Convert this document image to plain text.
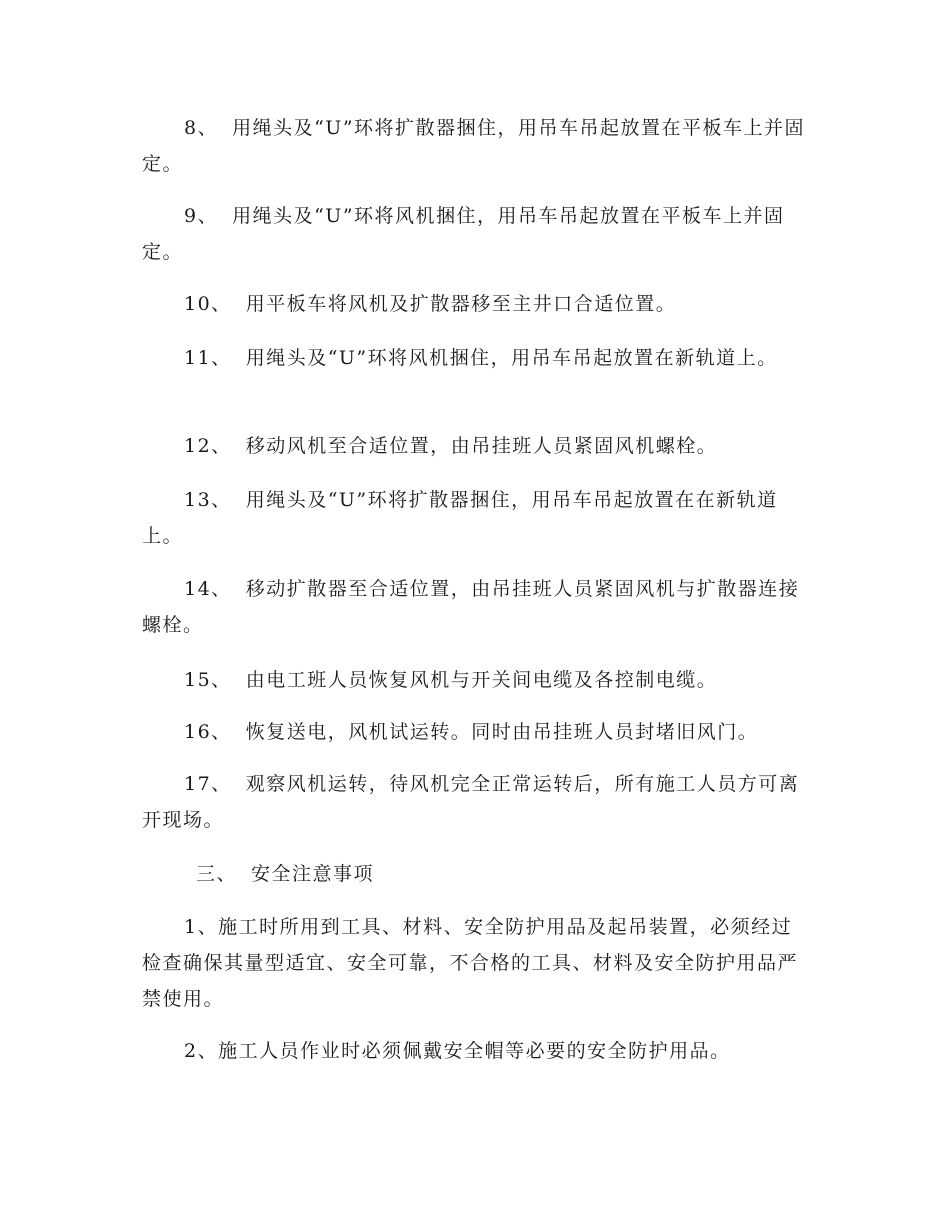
8、 用绳头及“U”环将扩散器捆住，用吊车吊起放置在平板车上并固定。

9、 用绳头及“U”环将风机捆住，用吊车吊起放置在平板车上并固定。

10、 用平板车将风机及扩散器移至主井口合适位置。

11、 用绳头及“U”环将风机捆住，用吊车吊起放置在新轨道上。

12、 移动风机至合适位置，由吊挂班人员紧固风机螺栓。

13、 用绳头及“U”环将扩散器捆住，用吊车吊起放置在在新轨道上。

14、 移动扩散器至合适位置，由吊挂班人员紧固风机与扩散器连接螺栓。

15、 由电工班人员恢复风机与开关间电缆及各控制电缆。

16、 恢复送电，风机试运转。同时由吊挂班人员封堵旧风门。

17、 观察风机运转，待风机完全正常运转后，所有施工人员方可离开现场。

三、 安全注意事项

1、施工时所用到工具、材料、安全防护用品及起吊装置，必须经过检查确保其量型适宜、安全可靠，不合格的工具、材料及安全防护用品严禁使用。

2、施工人员作业时必须佩戴安全帽等必要的安全防护用品。
